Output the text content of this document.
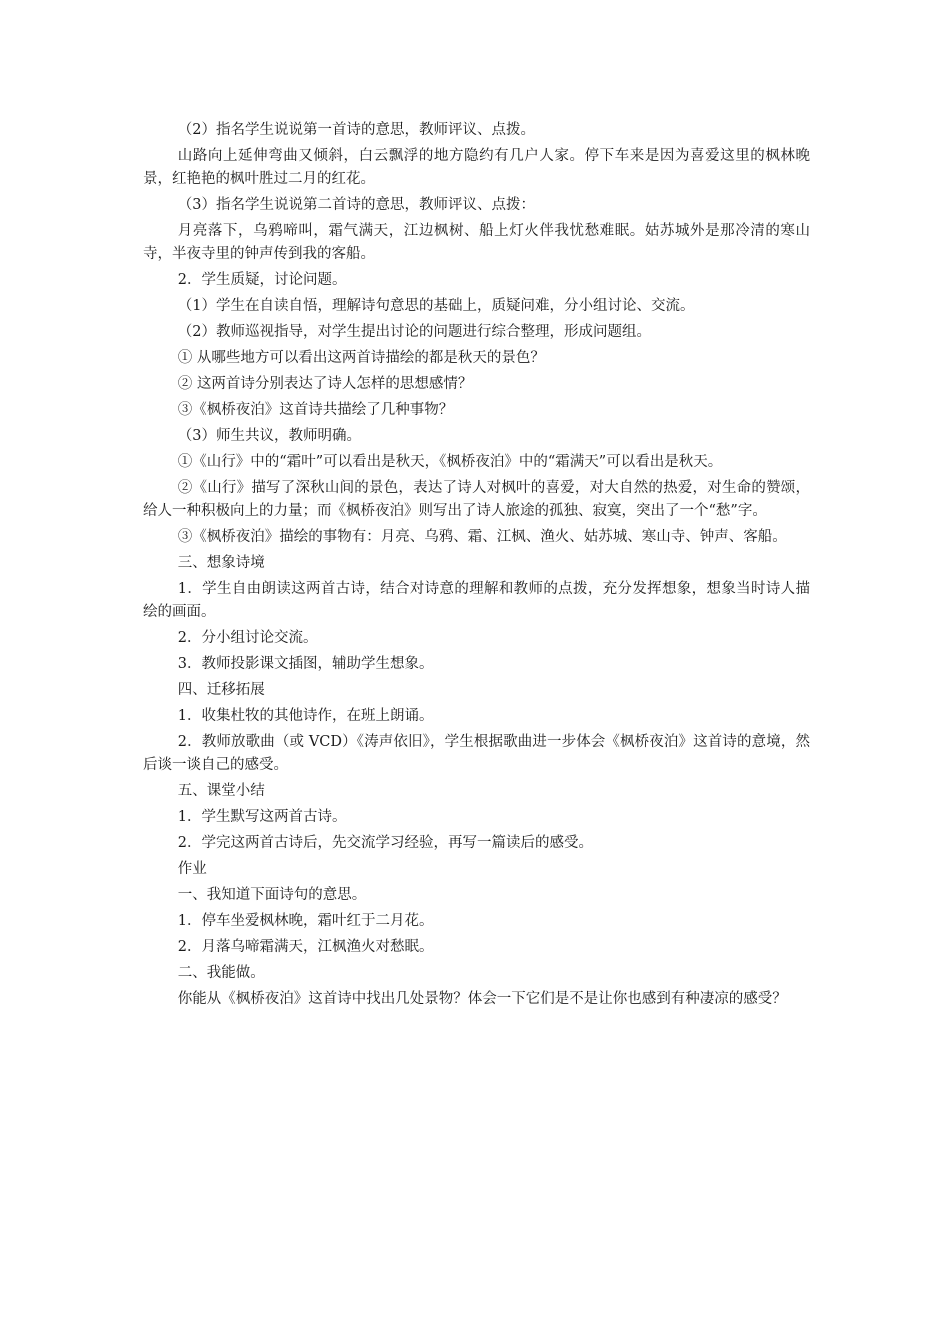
（2）指名学生说说第一首诗的意思，教师评议、点拨。

山路向上延伸弯曲又倾斜，白云飘浮的地方隐约有几户人家。停下车来是因为喜爱这里的枫林晚景，红艳艳的枫叶胜过二月的红花。

（3）指名学生说说第二首诗的意思，教师评议、点拨：

月亮落下，乌鸦啼叫，霜气满天，江边枫树、船上灯火伴我忧愁难眠。姑苏城外是那冷清的寒山寺，半夜寺里的钟声传到我的客船。

2．学生质疑，讨论问题。

（1）学生在自读自悟，理解诗句意思的基础上，质疑问难，分小组讨论、交流。

（2）教师巡视指导，对学生提出讨论的问题进行综合整理，形成问题组。

① 从哪些地方可以看出这两首诗描绘的都是秋天的景色？

② 这两首诗分别表达了诗人怎样的思想感情？

③《枫桥夜泊》这首诗共描绘了几种事物？

（3）师生共议，教师明确。

①《山行》中的“霜叶”可以看出是秋天，《枫桥夜泊》中的“霜满天”可以看出是秋天。

②《山行》描写了深秋山间的景色，表达了诗人对枫叶的喜爱，对大自然的热爱，对生命的赞颂，给人一种积极向上的力量；而《枫桥夜泊》则写出了诗人旅途的孤独、寂寞，突出了一个“愁”字。

③《枫桥夜泊》描绘的事物有：月亮、乌鸦、霜、江枫、渔火、姑苏城、寒山寺、钟声、客船。

三、想象诗境

1．学生自由朗读这两首古诗，结合对诗意的理解和教师的点拨，充分发挥想象，想象当时诗人描绘的画面。

2．分小组讨论交流。

3．教师投影课文插图，辅助学生想象。

四、迁移拓展

1．收集杜牧的其他诗作，在班上朗诵。

2．教师放歌曲（或 VCD）《涛声依旧》，学生根据歌曲进一步体会《枫桥夜泊》这首诗的意境，然后谈一谈自己的感受。

五、课堂小结

1．学生默写这两首古诗。

2．学完这两首古诗后，先交流学习经验，再写一篇读后的感受。

作业

一、我知道下面诗句的意思。

1．停车坐爱枫林晚，霜叶红于二月花。

2．月落乌啼霜满天，江枫渔火对愁眠。

二、我能做。

你能从《枫桥夜泊》这首诗中找出几处景物？体会一下它们是不是让你也感到有种凄凉的感受？
